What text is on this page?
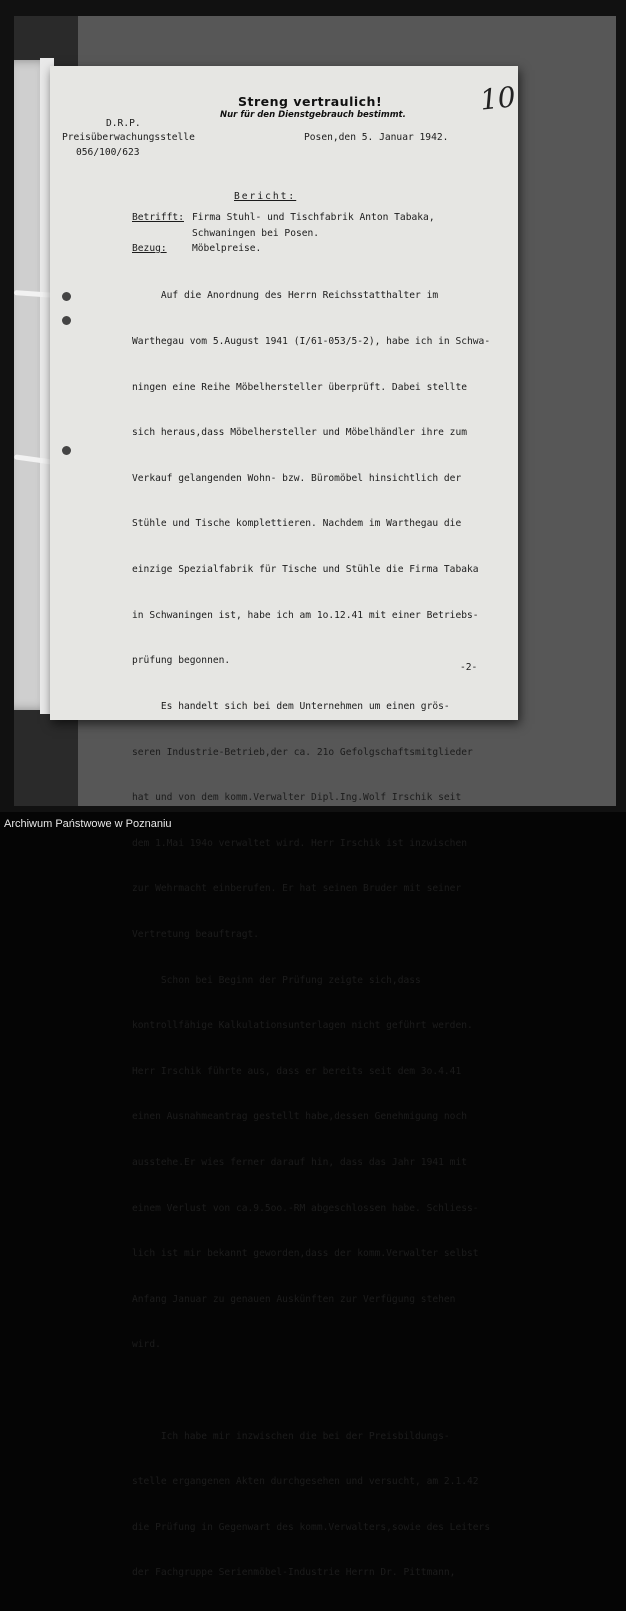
10
Streng vertraulich!
Nur für den Dienstgebrauch bestimmt.
D.R.P.
Preisüberwachungsstelle
056/100/623
Posen,den 5. Januar 1942.
Bericht:
Betrifft: Firma Stuhl- und Tischfabrik Anton Tabaka,
Schwaningen bei Posen.
Bezug:	Möbelpreise.

Auf die Anordnung des Herrn Reichsstatthalter im

Warthegau vom 5.August 1941 (I/61-053/5-2), habe ich in Schwa-

ningen eine Reihe Möbelhersteller überprüft. Dabei stellte

sich heraus,dass Möbelhersteller und Möbelhändler ihre zum

Verkauf gelangenden Wohn- bzw. Büromöbel hinsichtlich der

Stühle und Tische komplettieren. Nachdem im Warthegau die

einzige Spezialfabrik für Tische und Stühle die Firma Tabaka

in Schwaningen ist, habe ich am 1o.12.41 mit einer Betriebs-

prüfung begonnen.

Es handelt sich bei dem Unternehmen um einen grös-

seren Industrie-Betrieb,der ca. 21o Gefolgschaftsmitglieder

hat und von dem komm.Verwalter Dipl.Ing.Wolf Irschik seit

dem 1.Mai 194o verwaltet wird. Herr Irschik ist inzwischen

zur Wehrmacht einberufen. Er hat seinen Bruder mit seiner

Vertretung beauftragt.

Schon bei Beginn der Prüfung zeigte sich,dass

kontrollfähige Kalkulationsunterlagen nicht geführt werden.

Herr Irschik führte aus, dass er bereits seit dem 3o.4.41

einen Ausnahmeantrag gestellt habe,dessen Genehmigung noch

ausstehe.Er wies ferner darauf hin, dass das Jahr 1941 mit

einem Verlust von ca.9.5oo.-RM abgeschlossen habe. Schliess-

lich ist mir bekannt geworden,dass der komm.Verwalter selbst

Anfang Januar zu genauen Auskünften zur Verfügung stehen

wird.

Ich habe mir inzwischen die bei der Preisbildungs-

stelle ergangenen Akten durchgesehen und versucht, am 2.1.42

die Prüfung in Gegenwart des komm.Verwalters,sowie des Leiters

der Fachgruppe Serienmöbel-Industrie Herrn Dr. Pittmann,

-2-
Archiwum Państwowe w Poznaniu
